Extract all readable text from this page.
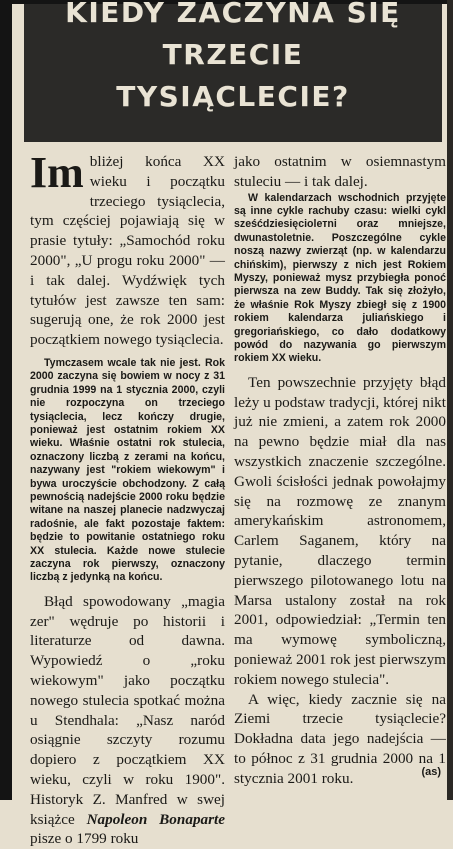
KIEDY ZACZYNA SIĘ
TRZECIE
TYSIĄCLECIE?

Im bliżej końca XX wieku i początku trzeciego tysiąclecia, tym częściej pojawiają się w prasie tytuły: „Samochód roku 2000", „U progu roku 2000" — i tak dalej. Wydźwięk tych tytułów jest zawsze ten sam: sugerują one, że rok 2000 jest początkiem nowego tysiąclecia.

Tymczasem wcale tak nie jest. Rok 2000 zaczyna się bowiem w nocy z 31 grudnia 1999 na 1 stycznia 2000, czyli nie rozpoczyna on trzeciego tysiąclecia, lecz kończy drugie, ponieważ jest ostatnim rokiem XX wieku. Właśnie ostatni rok stulecia, oznaczony liczbą z zerami na końcu, nazywany jest "rokiem wiekowym" i bywa uroczyście obchodzony. Z całą pewnością nadejście 2000 roku będzie witane na naszej planecie nadzwyczaj radośnie, ale fakt pozostaje faktem: będzie to powitanie ostatniego roku XX stulecia. Każde nowe stulecie zaczyna rok pierwszy, oznaczony liczbą z jedynką na końcu.

Błąd spowodowany „magia zer" wędruje po historii i literaturze od dawna. Wypowiedź o „roku wiekowym" jako początku nowego stulecia spotkać można u Stendhala: „Nasz naród osiągnie szczyty rozumu dopiero z początkiem XX wieku, czyli w roku 1900". Historyk Z. Manfred w swej książce Napoleon Bonaparte pisze o 1799 roku

jako ostatnim w osiemnastym stuleciu — i tak dalej.

W kalendarzach wschodnich przyjęte są inne cykle rachuby czasu: wielki cykl sześćdziesięciolетni oraz mniejsze, dwunastoletnie. Poszczególne cykle noszą nazwy zwierząt (np. w kalendarzu chińskim), pierwszy z nich jest Rokiem Myszy, ponieważ mysz przybiegła ponoć pierwsza na zew Buddy. Tak się złożyło, że właśnie Rok Myszy zbiegł się z 1900 rokiem kalendarza juliańskiego i gregoriańskiego, co dało dodatkowy powód do nazywania go pierwszym rokiem XX wieku.

Ten powszechnie przyjęty błąd leży u podstaw tradycji, której nikt już nie zmieni, a zatem rok 2000 na pewno będzie miał dla nas wszystkich znaczenie szczególne. Gwoli ścisłości jednak powołajmy się na rozmowę ze znanym amerykańskim astronomem, Carlem Saganem, który na pytanie, dlaczego termin pierwszego pilotowanego lotu na Marsa ustalony został na rok 2001, odpowiedział: „Termin ten ma wymowę symboliczną, ponieważ 2001 rok jest pierwszym rokiem nowego stulecia".

A więc, kiedy zacznie się na Ziemi trzecie tysiąclecie? Dokładna data jego nadejścia — to północ z 31 grudnia 2000 na 1 stycznia 2001 roku.	(as)
